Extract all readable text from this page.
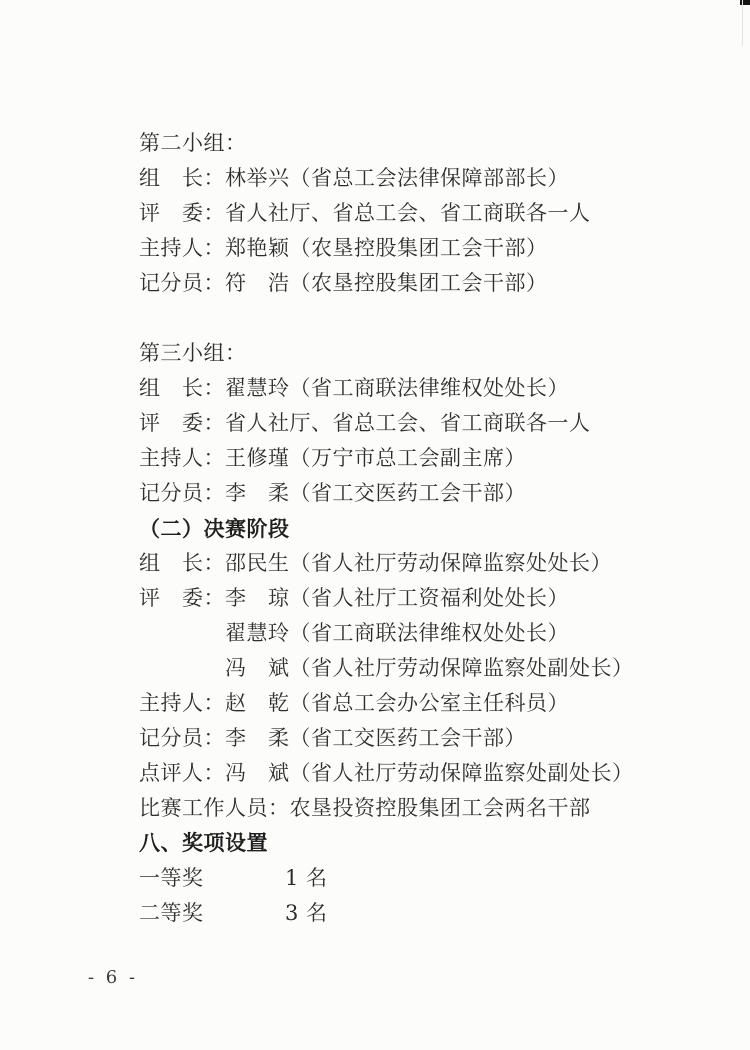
第二小组：
组　长：林举兴（省总工会法律保障部部长）
评　委：省人社厅、省总工会、省工商联各一人
主持人：郑艳颖（农垦控股集团工会干部）
记分员：符　浩（农垦控股集团工会干部）
第三小组：
组　长：翟慧玲（省工商联法律维权处处长）
评　委：省人社厅、省总工会、省工商联各一人
主持人：王修瑾（万宁市总工会副主席）
记分员：李　柔（省工交医药工会干部）
（二）决赛阶段
组　长：邵民生（省人社厅劳动保障监察处处长）
评　委：李　琼（省人社厅工资福利处处长）
　　　　翟慧玲（省工商联法律维权处处长）
　　　　冯　斌（省人社厅劳动保障监察处副处长）
主持人：赵　乾（省总工会办公室主任科员）
记分员：李　柔（省工交医药工会干部）
点评人：冯　斌（省人社厅劳动保障监察处副处长）
比赛工作人员：农垦投资控股集团工会两名干部
八、奖项设置
一等奖	1 名
二等奖	3 名
- 6 -
